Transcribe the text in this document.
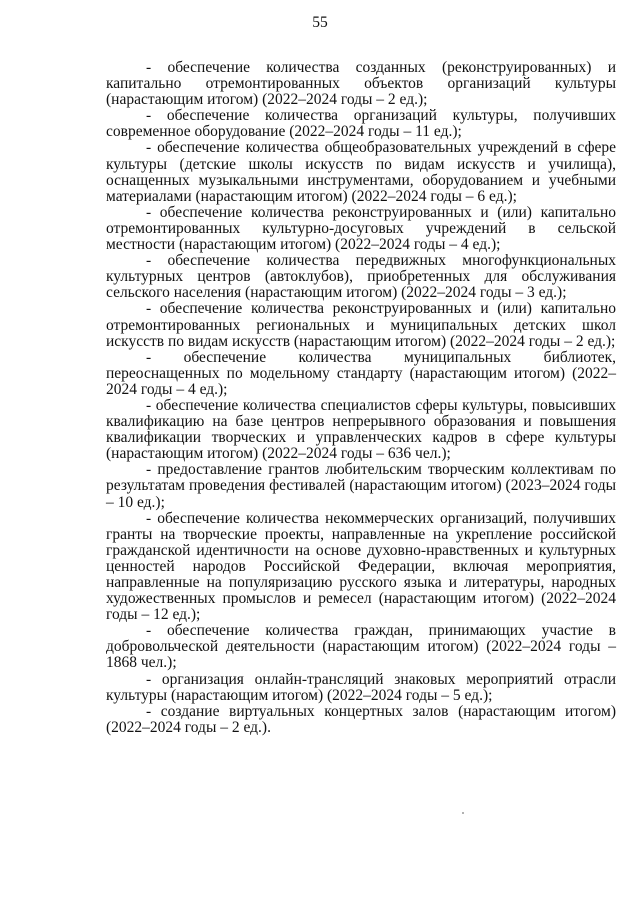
55

- обеспечение количества созданных (реконструированных) и капитально отремонтированных объектов организаций культуры (нарастающим итогом) (2022–2024 годы – 2 ед.);

- обеспечение количества организаций культуры, получивших современное оборудование (2022–2024 годы – 11 ед.);

- обеспечение количества общеобразовательных учреждений в сфере культуры (детские школы искусств по видам искусств и училища), оснащенных музыкальными инструментами, оборудованием и учебными материалами (нарастающим итогом) (2022–2024 годы – 6 ед.);

- обеспечение количества реконструированных и (или) капитально отремонтированных культурно-досуговых учреждений в сельской местности (нарастающим итогом) (2022–2024 годы – 4 ед.);

- обеспечение количества передвижных многофункциональных культурных центров (автоклубов), приобретенных для обслуживания сельского населения (нарастающим итогом) (2022–2024 годы – 3 ед.);

- обеспечение количества реконструированных и (или) капитально отремонтированных региональных и муниципальных детских школ искусств по видам искусств (нарастающим итогом) (2022–2024 годы – 2 ед.);

- обеспечение количества муниципальных библиотек, переоснащенных по модельному стандарту (нарастающим итогом) (2022–2024 годы – 4 ед.);

- обеспечение количества специалистов сферы культуры, повысивших квалификацию на базе центров непрерывного образования и повышения квалификации творческих и управленческих кадров в сфере культуры (нарастающим итогом) (2022–2024 годы – 636 чел.);

- предоставление грантов любительским творческим коллективам по результатам проведения фестивалей (нарастающим итогом) (2023–2024 годы – 10 ед.);

- обеспечение количества некоммерческих организаций, получивших гранты на творческие проекты, направленные на укрепление российской гражданской идентичности на основе духовно-нравственных и культурных ценностей народов Российской Федерации, включая мероприятия, направленные на популяризацию русского языка и литературы, народных художественных промыслов и ремесел (нарастающим итогом) (2022–2024 годы – 12 ед.);

- обеспечение количества граждан, принимающих участие в добровольческой деятельности (нарастающим итогом) (2022–2024 годы – 1868 чел.);

- организация онлайн-трансляций знаковых мероприятий отрасли культуры (нарастающим итогом) (2022–2024 годы – 5 ед.);

- создание виртуальных концертных залов (нарастающим итогом) (2022–2024 годы – 2 ед.).
